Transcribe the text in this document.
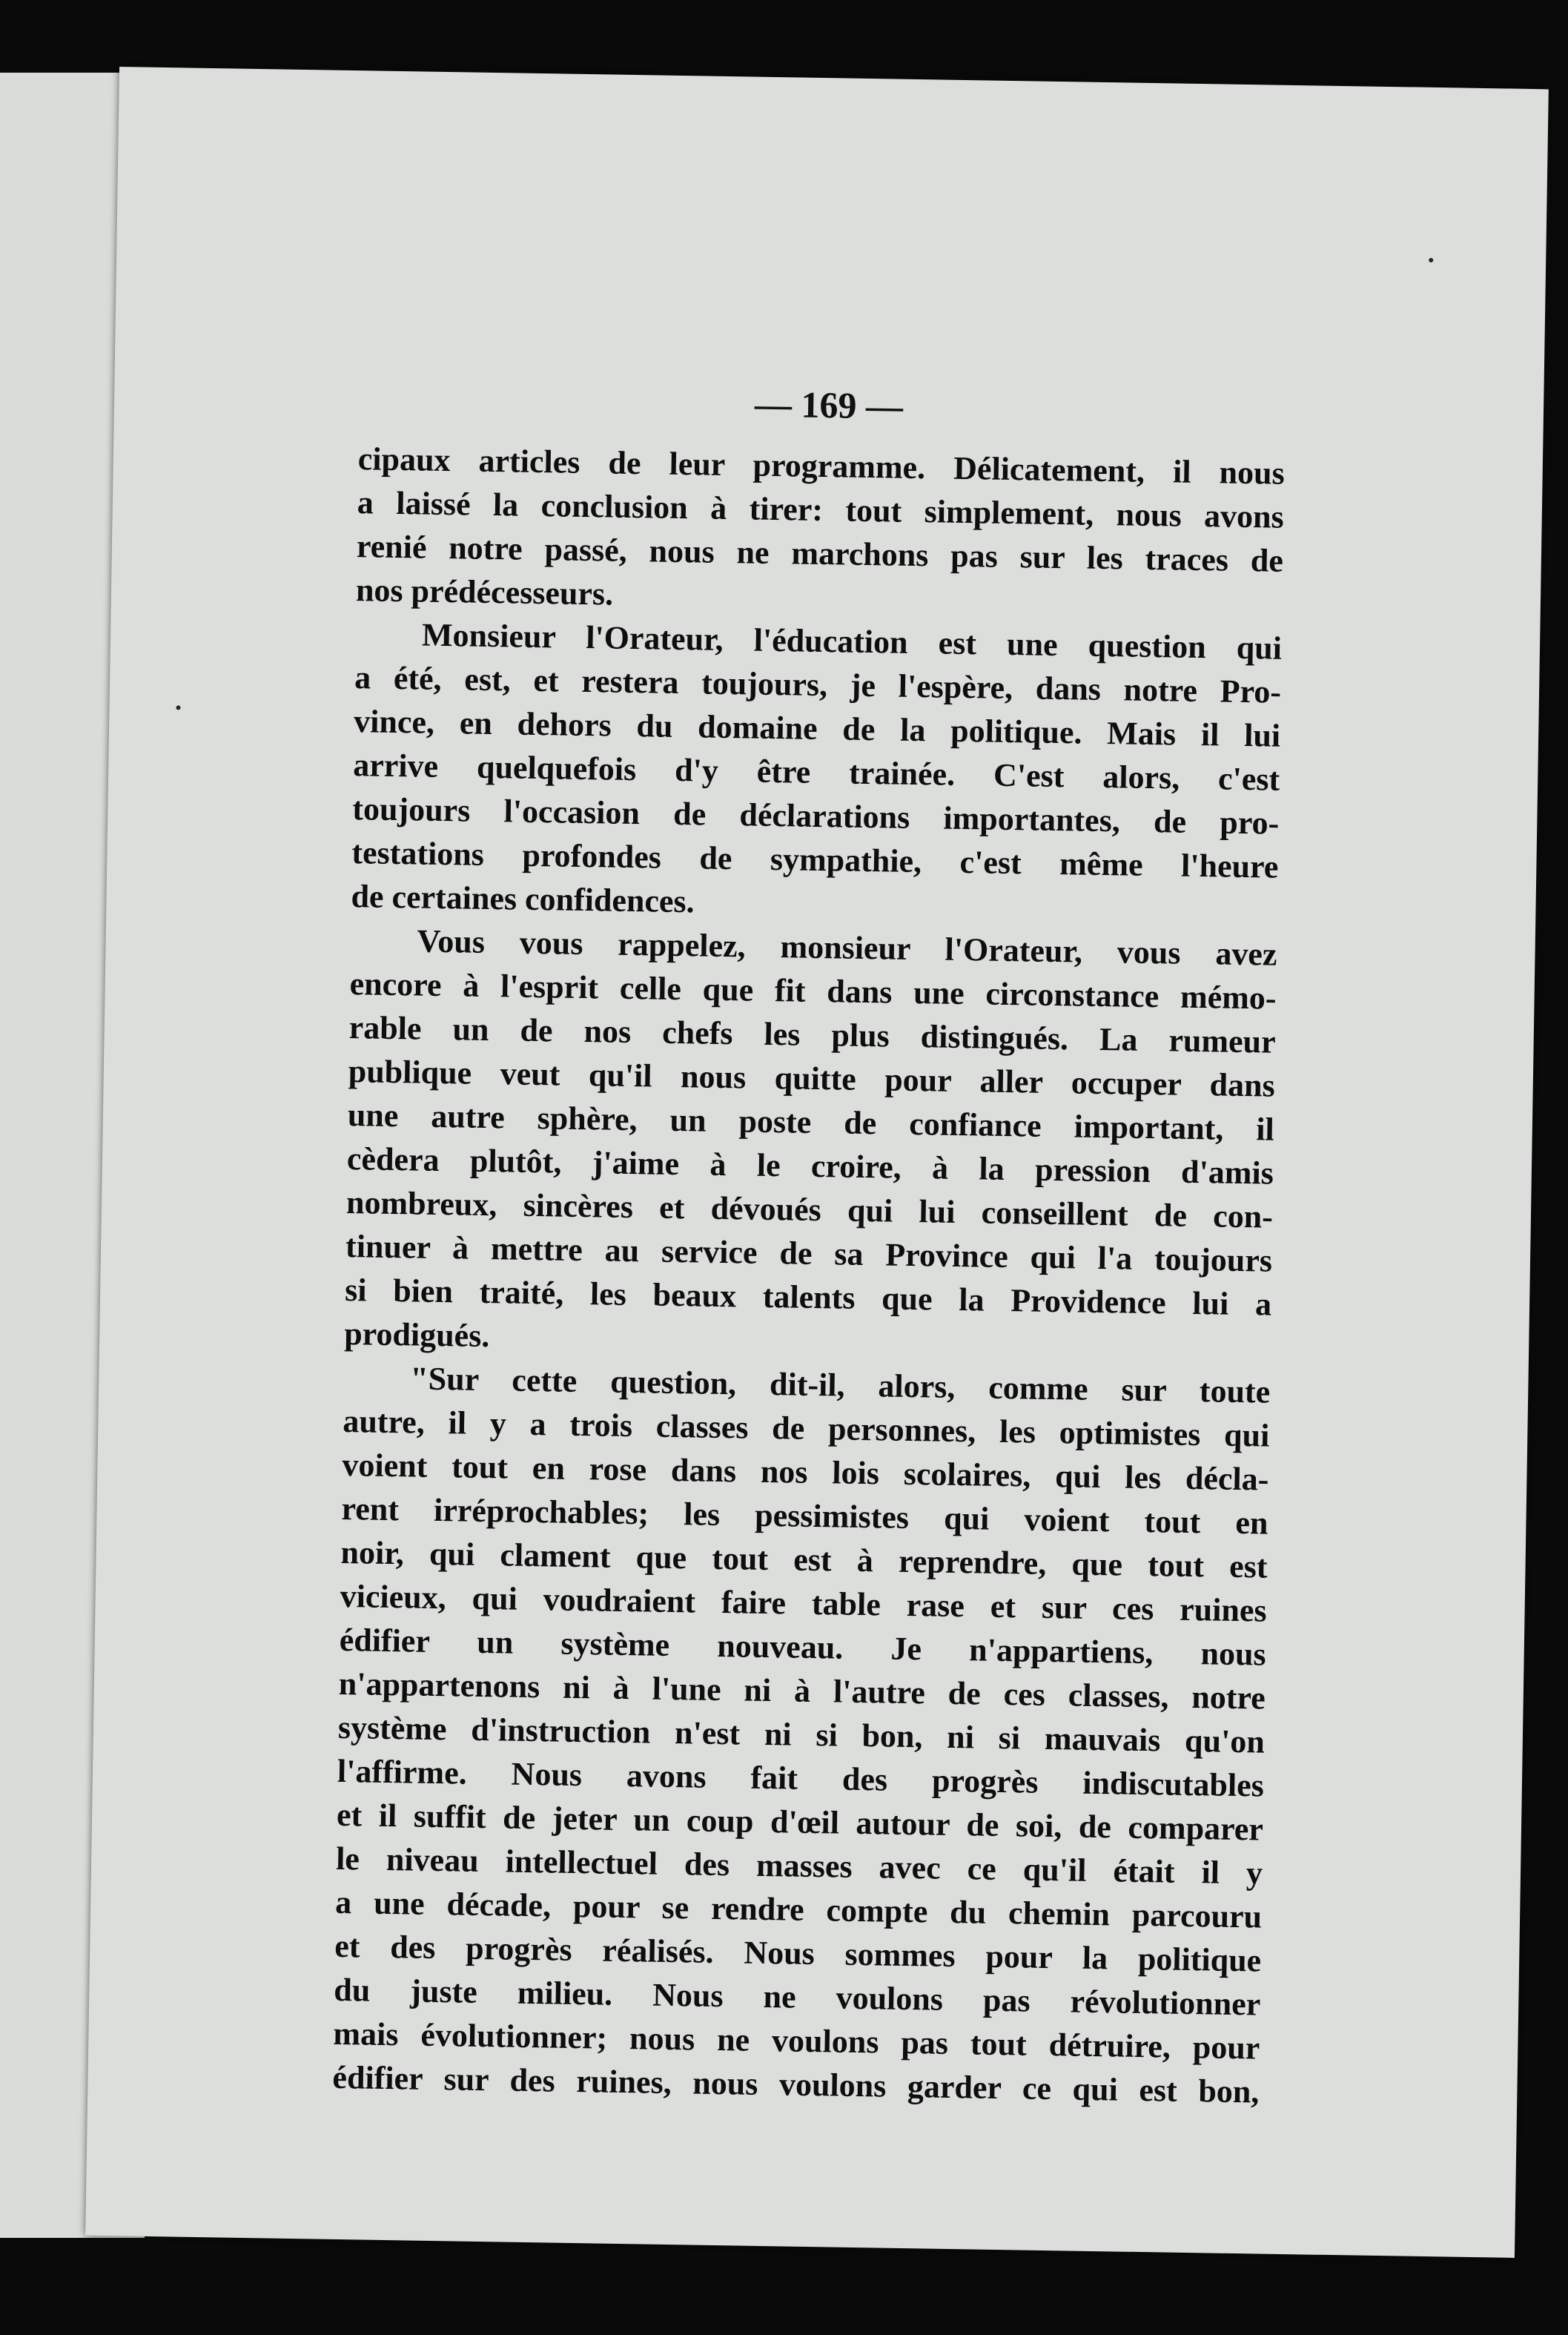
— 169 —
cipaux articles de leur programme. Délicatement, il nous
a laissé la conclusion à tirer: tout simplement, nous avons
renié notre passé, nous ne marchons pas sur les traces de
nos prédécesseurs.
Monsieur l'Orateur, l'éducation est une question qui
a été, est, et restera toujours, je l'espère, dans notre Pro-
vince, en dehors du domaine de la politique. Mais il lui
arrive quelquefois d'y être trainée. C'est alors, c'est
toujours l'occasion de déclarations importantes, de pro-
testations profondes de sympathie, c'est même l'heure
de certaines confidences.
Vous vous rappelez, monsieur l'Orateur, vous avez
encore à l'esprit celle que fit dans une circonstance mémo-
rable un de nos chefs les plus distingués. La rumeur
publique veut qu'il nous quitte pour aller occuper dans
une autre sphère, un poste de confiance important, il
cèdera plutôt, j'aime à le croire, à la pression d'amis
nombreux, sincères et dévoués qui lui conseillent de con-
tinuer à mettre au service de sa Province qui l'a toujours
si bien traité, les beaux talents que la Providence lui a
prodigués.
"Sur cette question, dit-il, alors, comme sur toute
autre, il y a trois classes de personnes, les optimistes qui
voient tout en rose dans nos lois scolaires, qui les décla-
rent irréprochables; les pessimistes qui voient tout en
noir, qui clament que tout est à reprendre, que tout est
vicieux, qui voudraient faire table rase et sur ces ruines
édifier un système nouveau. Je n'appartiens, nous
n'appartenons ni à l'une ni à l'autre de ces classes, notre
système d'instruction n'est ni si bon, ni si mauvais qu'on
l'affirme. Nous avons fait des progrès indiscutables
et il suffit de jeter un coup d'œil autour de soi, de comparer
le niveau intellectuel des masses avec ce qu'il était il y
a une décade, pour se rendre compte du chemin parcouru
et des progrès réalisés. Nous sommes pour la politique
du juste milieu. Nous ne voulons pas révolutionner
mais évolutionner; nous ne voulons pas tout détruire, pour
édifier sur des ruines, nous voulons garder ce qui est bon,
